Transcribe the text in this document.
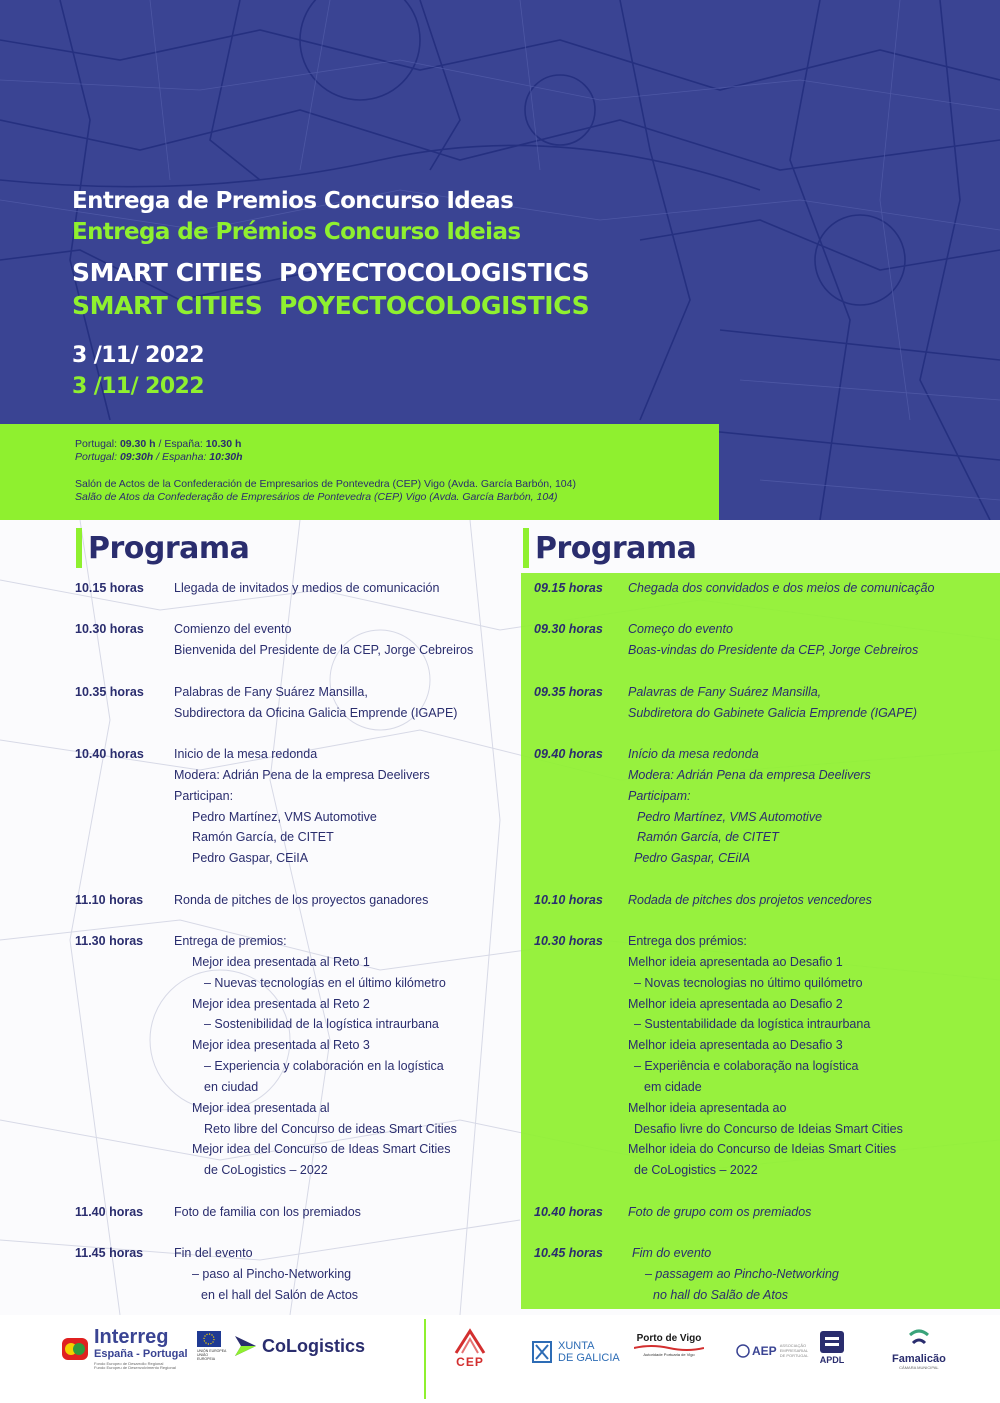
Entrega de Premios Concurso Ideas
Entrega de Prémios Concurso Ideias
SMART CITIES  POYECTOCOLOGISTICS
SMART CITIES  POYECTOCOLOGISTICS
3 /11/ 2022
3 /11/ 2022
Portugal: 09.30 h / España: 10.30 h
Portugal: 09:30h / Espanha: 10:30h
Salón de Actos de la Confederación de Empresarios de Pontevedra (CEP) Vigo (Avda. García Barbón, 104)
Salão de Atos da Confederação de Empresários de Pontevedra (CEP) Vigo (Avda. García Barbón, 104)
Programa	Programa
10.15 horas Llegada de invitados y medios de comunicación
10.30 horas Comienzo del evento
Bienvenida del Presidente de la CEP, Jorge Cebreiros
10.35 horas Palabras de Fany Suárez Mansilla,
Subdirectora da Oficina Galicia Emprende (IGAPE)
10.40 horas Inicio de la mesa redonda
Modera: Adrián Pena de la empresa Deelivers
Participan:
Pedro Martínez, VMS Automotive
Ramón García, de CITET
Pedro Gaspar, CEiIA
11.10 horas Ronda de pitches de los proyectos ganadores
11.30 horas Entrega de premios:
Mejor idea presentada al Reto 1
– Nuevas tecnologías en el último kilómetro
Mejor idea presentada al Reto 2
– Sostenibilidad de la logística intraurbana
Mejor idea presentada al Reto 3
– Experiencia y colaboración en la logística
en ciudad
Mejor idea presentada al
Reto libre del Concurso de ideas Smart Cities
Mejor idea del Concurso de Ideas Smart Cities
de CoLogistics – 2022
11.40 horas Foto de familia con los premiados
11.45 horas Fin del evento
– paso al Pincho-Networking
en el hall del Salón de Actos
09.15 horas Chegada dos convidados e dos meios de comunicação
09.30 horas Começo do evento
Boas-vindas do Presidente da CEP, Jorge Cebreiros
09.35 horas Palavras de Fany Suárez Mansilla,
Subdiretora do Gabinete Galicia Emprende (IGAPE)
09.40 horas Início da mesa redonda
Modera: Adrián Pena da empresa Deelivers
Participam:
Pedro Martínez, VMS Automotive
Ramón García, de CITET
Pedro Gaspar, CEiIA
10.10 horas Rodada de pitches dos projetos vencedores
10.30 horas Entrega dos prémios:
Melhor ideia apresentada ao Desafio 1
– Novas tecnologias no último quilómetro
Melhor ideia apresentada ao Desafio 2
– Sustentabilidade da logística intraurbana
Melhor ideia apresentada ao Desafio 3
– Experiência e colaboração na logística
em cidade
Melhor ideia apresentada ao
Desafio livre do Concurso de Ideias Smart Cities
Melhor ideia do Concurso de Ideias Smart Cities
de CoLogistics – 2022
10.40 horas Foto de grupo com os premiados
10.45 horas Fim do evento
– passagem ao Pincho-Networking
no hall do Salão de Atos
Interreg
España - Portugal
Fondo Europeo de Desarrollo Regional
Fundo Europeu de Desenvolvimento Regional
UNIÓN EUROPEA UNIÃO EUROPEIA
CoLogistics
CEP
XUNTA
DE GALICIA
Porto de Vigo
Autoridade Portuaria de Vigo	AEP ASSOCIAÇÃO EMPRESARIAL DE PORTUGAL APDL	Famalicão
CÂMARA MUNICIPAL
